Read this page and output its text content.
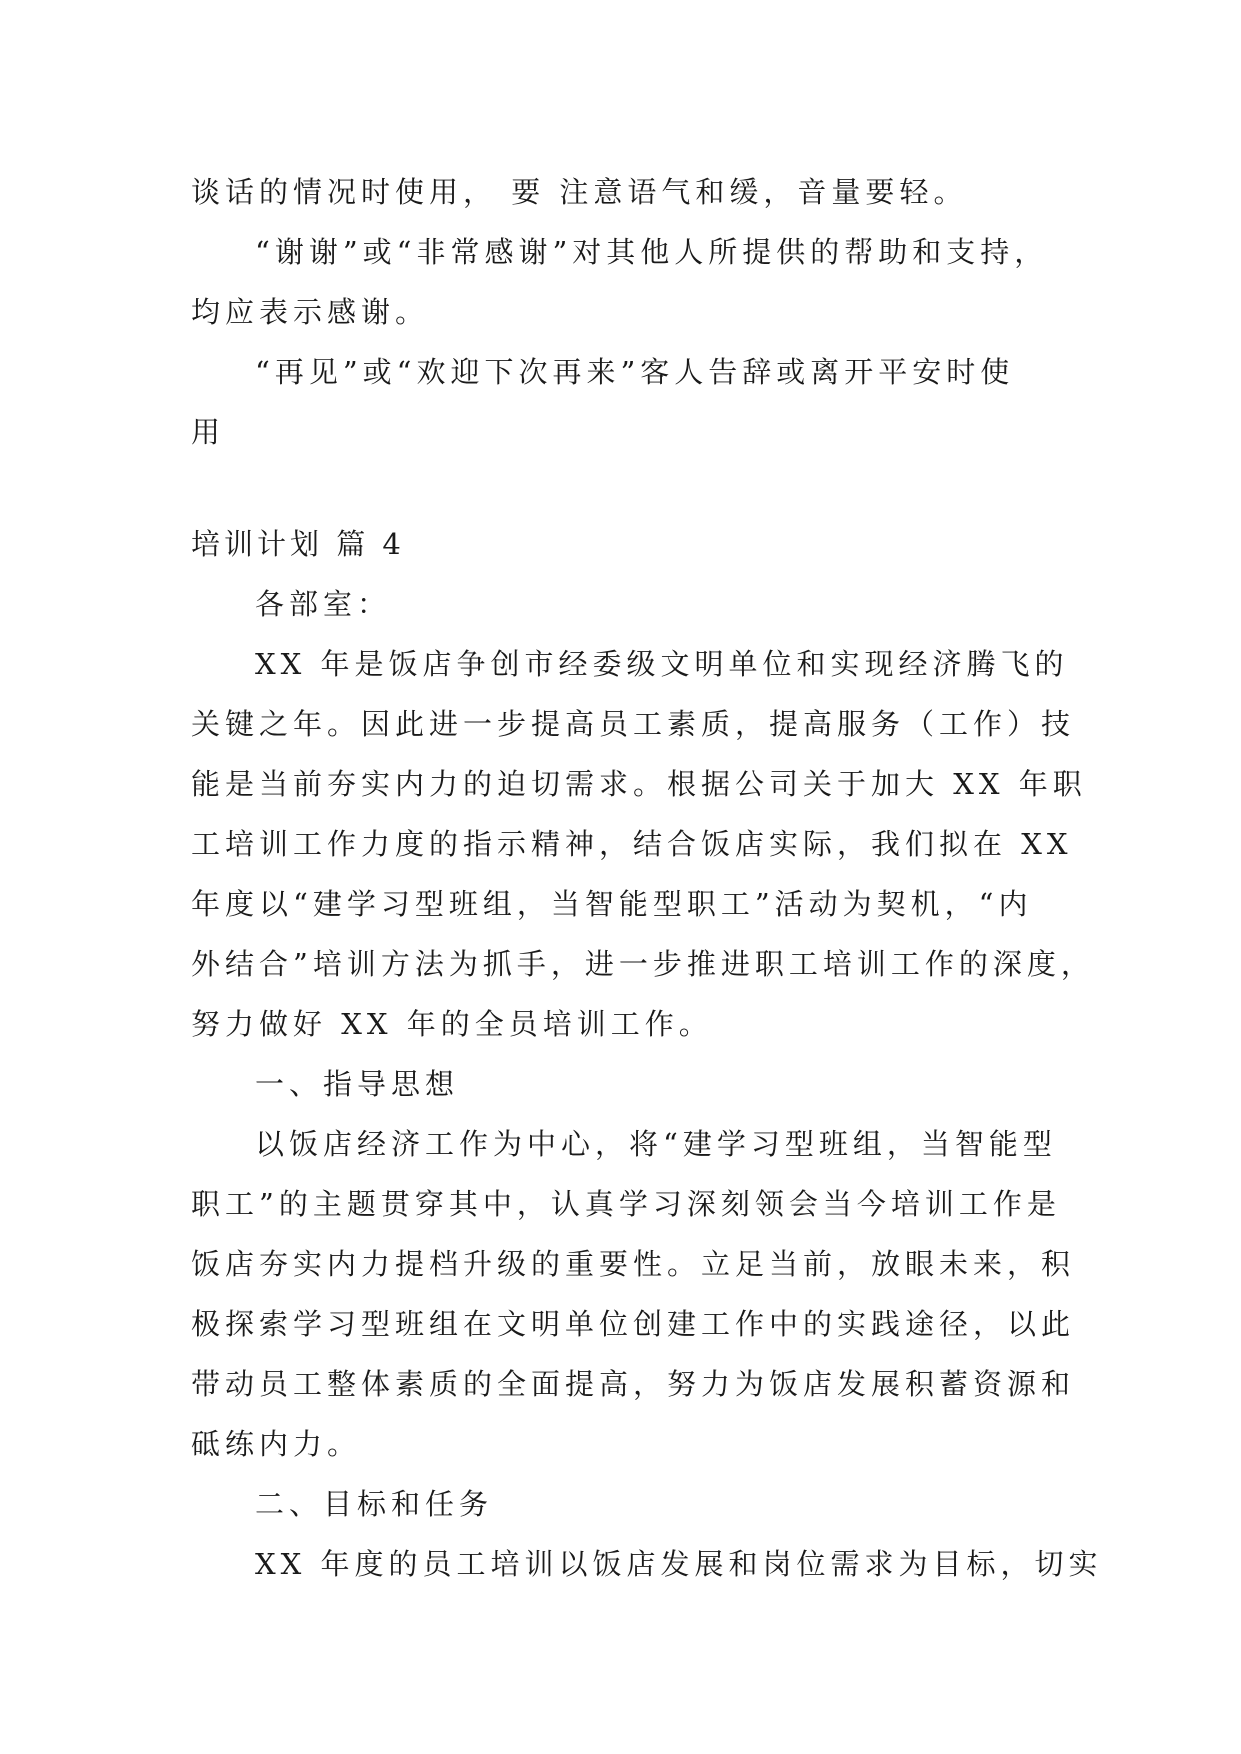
谈话的情况时使用， 要 注意语气和缓，音量要轻。
“谢谢”或“非常感谢”对其他人所提供的帮助和支持，
均应表示感谢。
“再见”或“欢迎下次再来”客人告辞或离开平安时使
用
培训计划 篇 4
各部室：
XX 年是饭店争创市经委级文明单位和实现经济腾飞的
关键之年。因此进一步提高员工素质，提高服务（工作）技
能是当前夯实内力的迫切需求。根据公司关于加大 XX 年职
工培训工作力度的指示精神，结合饭店实际，我们拟在 XX
年度以“建学习型班组，当智能型职工”活动为契机，“内
外结合”培训方法为抓手，进一步推进职工培训工作的深度，
努力做好 XX 年的全员培训工作。
一、指导思想
以饭店经济工作为中心，将“建学习型班组，当智能型
职工”的主题贯穿其中，认真学习深刻领会当今培训工作是
饭店夯实内力提档升级的重要性。立足当前，放眼未来，积
极探索学习型班组在文明单位创建工作中的实践途径，以此
带动员工整体素质的全面提高，努力为饭店发展积蓄资源和
砥练内力。
二、目标和任务
XX 年度的员工培训以饭店发展和岗位需求为目标，切实
